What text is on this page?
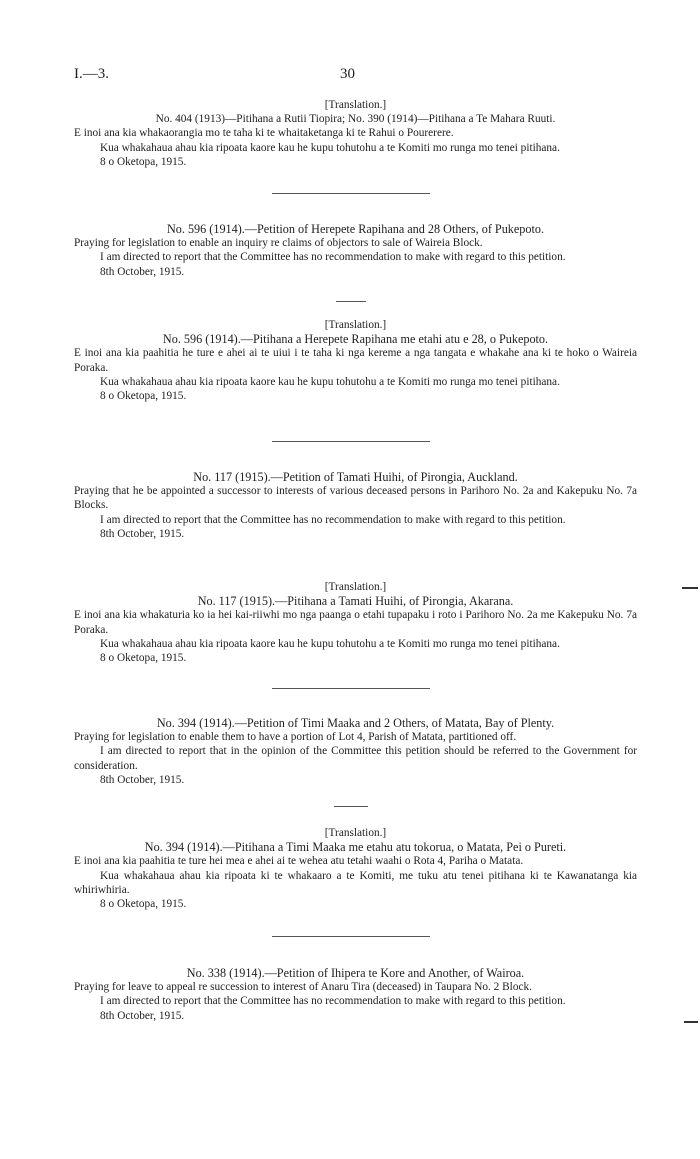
I.—3.	30

[Translation.]

No. 404 (1913)—Pitihana a Rutii Tiopira; No. 390 (1914)—Pitihana a Te Mahara Ruuti.

E inoi ana kia whakaorangia mo te taha ki te whaitaketanga ki te Rahui o Pourerere.

Kua whakahaua ahau kia ripoata kaore kau he kupu tohutohu a te Komiti mo runga mo tenei pitihana.

8 o Oketopa, 1915.

No. 596 (1914).—Petition of Herepete Rapihana and 28 Others, of Pukepoto.

Praying for legislation to enable an inquiry re claims of objectors to sale of Waireia Block.

I am directed to report that the Committee has no recommendation to make with regard to this petition.

8th October, 1915.

[Translation.]

No. 596 (1914).—Pitihana a Herepete Rapihana me etahi atu e 28, o Pukepoto.

E inoi ana kia paahitia he ture e ahei ai te uiui i te taha ki nga kereme a nga tangata e whakahe ana ki te hoko o Waireia Poraka.

Kua whakahaua ahau kia ripoata kaore kau he kupu tohutohu a te Komiti mo runga mo tenei pitihana.

8 o Oketopa, 1915.

No. 117 (1915).—Petition of Tamati Huihi, of Pirongia, Auckland.

Praying that he be appointed a successor to interests of various deceased persons in Parihoro No. 2a and Kakepuku No. 7a Blocks.

I am directed to report that the Committee has no recommendation to make with regard to this petition.

8th October, 1915.

[Translation.]

No. 117 (1915).—Pitihana a Tamati Huihi, of Pirongia, Akarana.

E inoi ana kia whakaturia ko ia hei kai-riiwhi mo nga paanga o etahi tupapaku i roto i Parihoro No. 2a me Kakepuku No. 7a Poraka.

Kua whakahaua ahau kia ripoata kaore kau he kupu tohutohu a te Komiti mo runga mo tenei pitihana.

8 o Oketopa, 1915.

No. 394 (1914).—Petition of Timi Maaka and 2 Others, of Matata, Bay of Plenty.

Praying for legislation to enable them to have a portion of Lot 4, Parish of Matata, partitioned off.

I am directed to report that in the opinion of the Committee this petition should be referred to the Government for consideration.

8th October, 1915.

[Translation.]

No. 394 (1914).—Pitihana a Timi Maaka me etahu atu tokorua, o Matata, Pei o Pureti.

E inoi ana kia paahitia te ture hei mea e ahei ai te wehea atu tetahi waahi o Rota 4, Pariha o Matata.

Kua whakahaua ahau kia ripoata ki te whakaaro a te Komiti, me tuku atu tenei pitihana ki te Kawanatanga kia whiriwhiria.

8 o Oketopa, 1915.

No. 338 (1914).—Petition of Ihipera te Kore and Another, of Wairoa.

Praying for leave to appeal re succession to interest of Anaru Tira (deceased) in Taupara No. 2 Block.

I am directed to report that the Committee has no recommendation to make with regard to this petition.

8th October, 1915.
